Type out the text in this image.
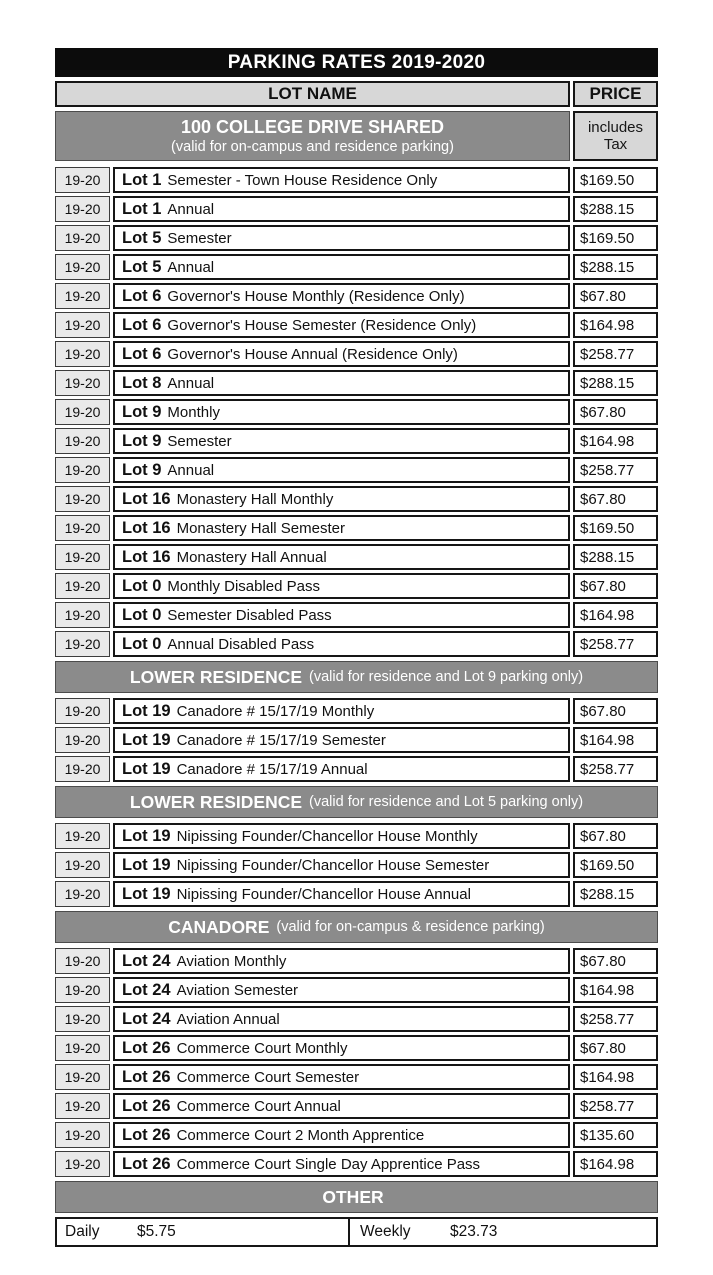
PARKING RATES 2019-2020
LOT NAME	PRICE
100 COLLEGE DRIVE SHARED
(valid for on-campus and residence parking)
includes
Tax
19-20	Lot 1 Semester - Town House Residence Only	$169.50
19-20	Lot 1 Annual	$288.15
19-20	Lot 5 Semester	$169.50
19-20	Lot 5 Annual	$288.15
19-20	Lot 6 Governor's House Monthly (Residence Only)	$67.80
19-20	Lot 6 Governor's House Semester (Residence Only)	$164.98
19-20	Lot 6 Governor's House Annual (Residence Only)	$258.77
19-20	Lot 8 Annual	$288.15
19-20	Lot 9 Monthly	$67.80
19-20	Lot 9 Semester	$164.98
19-20	Lot 9 Annual	$258.77
19-20	Lot 16 Monastery Hall Monthly	$67.80
19-20	Lot 16 Monastery Hall Semester	$169.50
19-20	Lot 16 Monastery Hall Annual	$288.15
19-20	Lot 0 Monthly Disabled Pass	$67.80
19-20	Lot 0 Semester Disabled Pass	$164.98
19-20	Lot 0 Annual Disabled Pass	$258.77
LOWER RESIDENCE (valid for residence and Lot 9 parking only)
19-20	Lot 19 Canadore # 15/17/19 Monthly	$67.80
19-20	Lot 19 Canadore # 15/17/19 Semester	$164.98
19-20	Lot 19 Canadore # 15/17/19 Annual	$258.77
LOWER RESIDENCE (valid for residence and Lot 5 parking only)
19-20	Lot 19 Nipissing Founder/Chancellor House Monthly	$67.80
19-20	Lot 19 Nipissing Founder/Chancellor House Semester	$169.50
19-20	Lot 19 Nipissing Founder/Chancellor House Annual	$288.15
CANADORE (valid for on-campus & residence parking)
19-20	Lot 24 Aviation Monthly	$67.80
19-20	Lot 24 Aviation Semester	$164.98
19-20	Lot 24 Aviation Annual	$258.77
19-20	Lot 26 Commerce Court Monthly	$67.80
19-20	Lot 26 Commerce Court Semester	$164.98
19-20	Lot 26 Commerce Court Annual	$258.77
19-20	Lot 26 Commerce Court 2 Month Apprentice	$135.60
19-20	Lot 26 Commerce Court Single Day Apprentice Pass	$164.98
OTHER
Daily	$5.75	Weekly	$23.73
